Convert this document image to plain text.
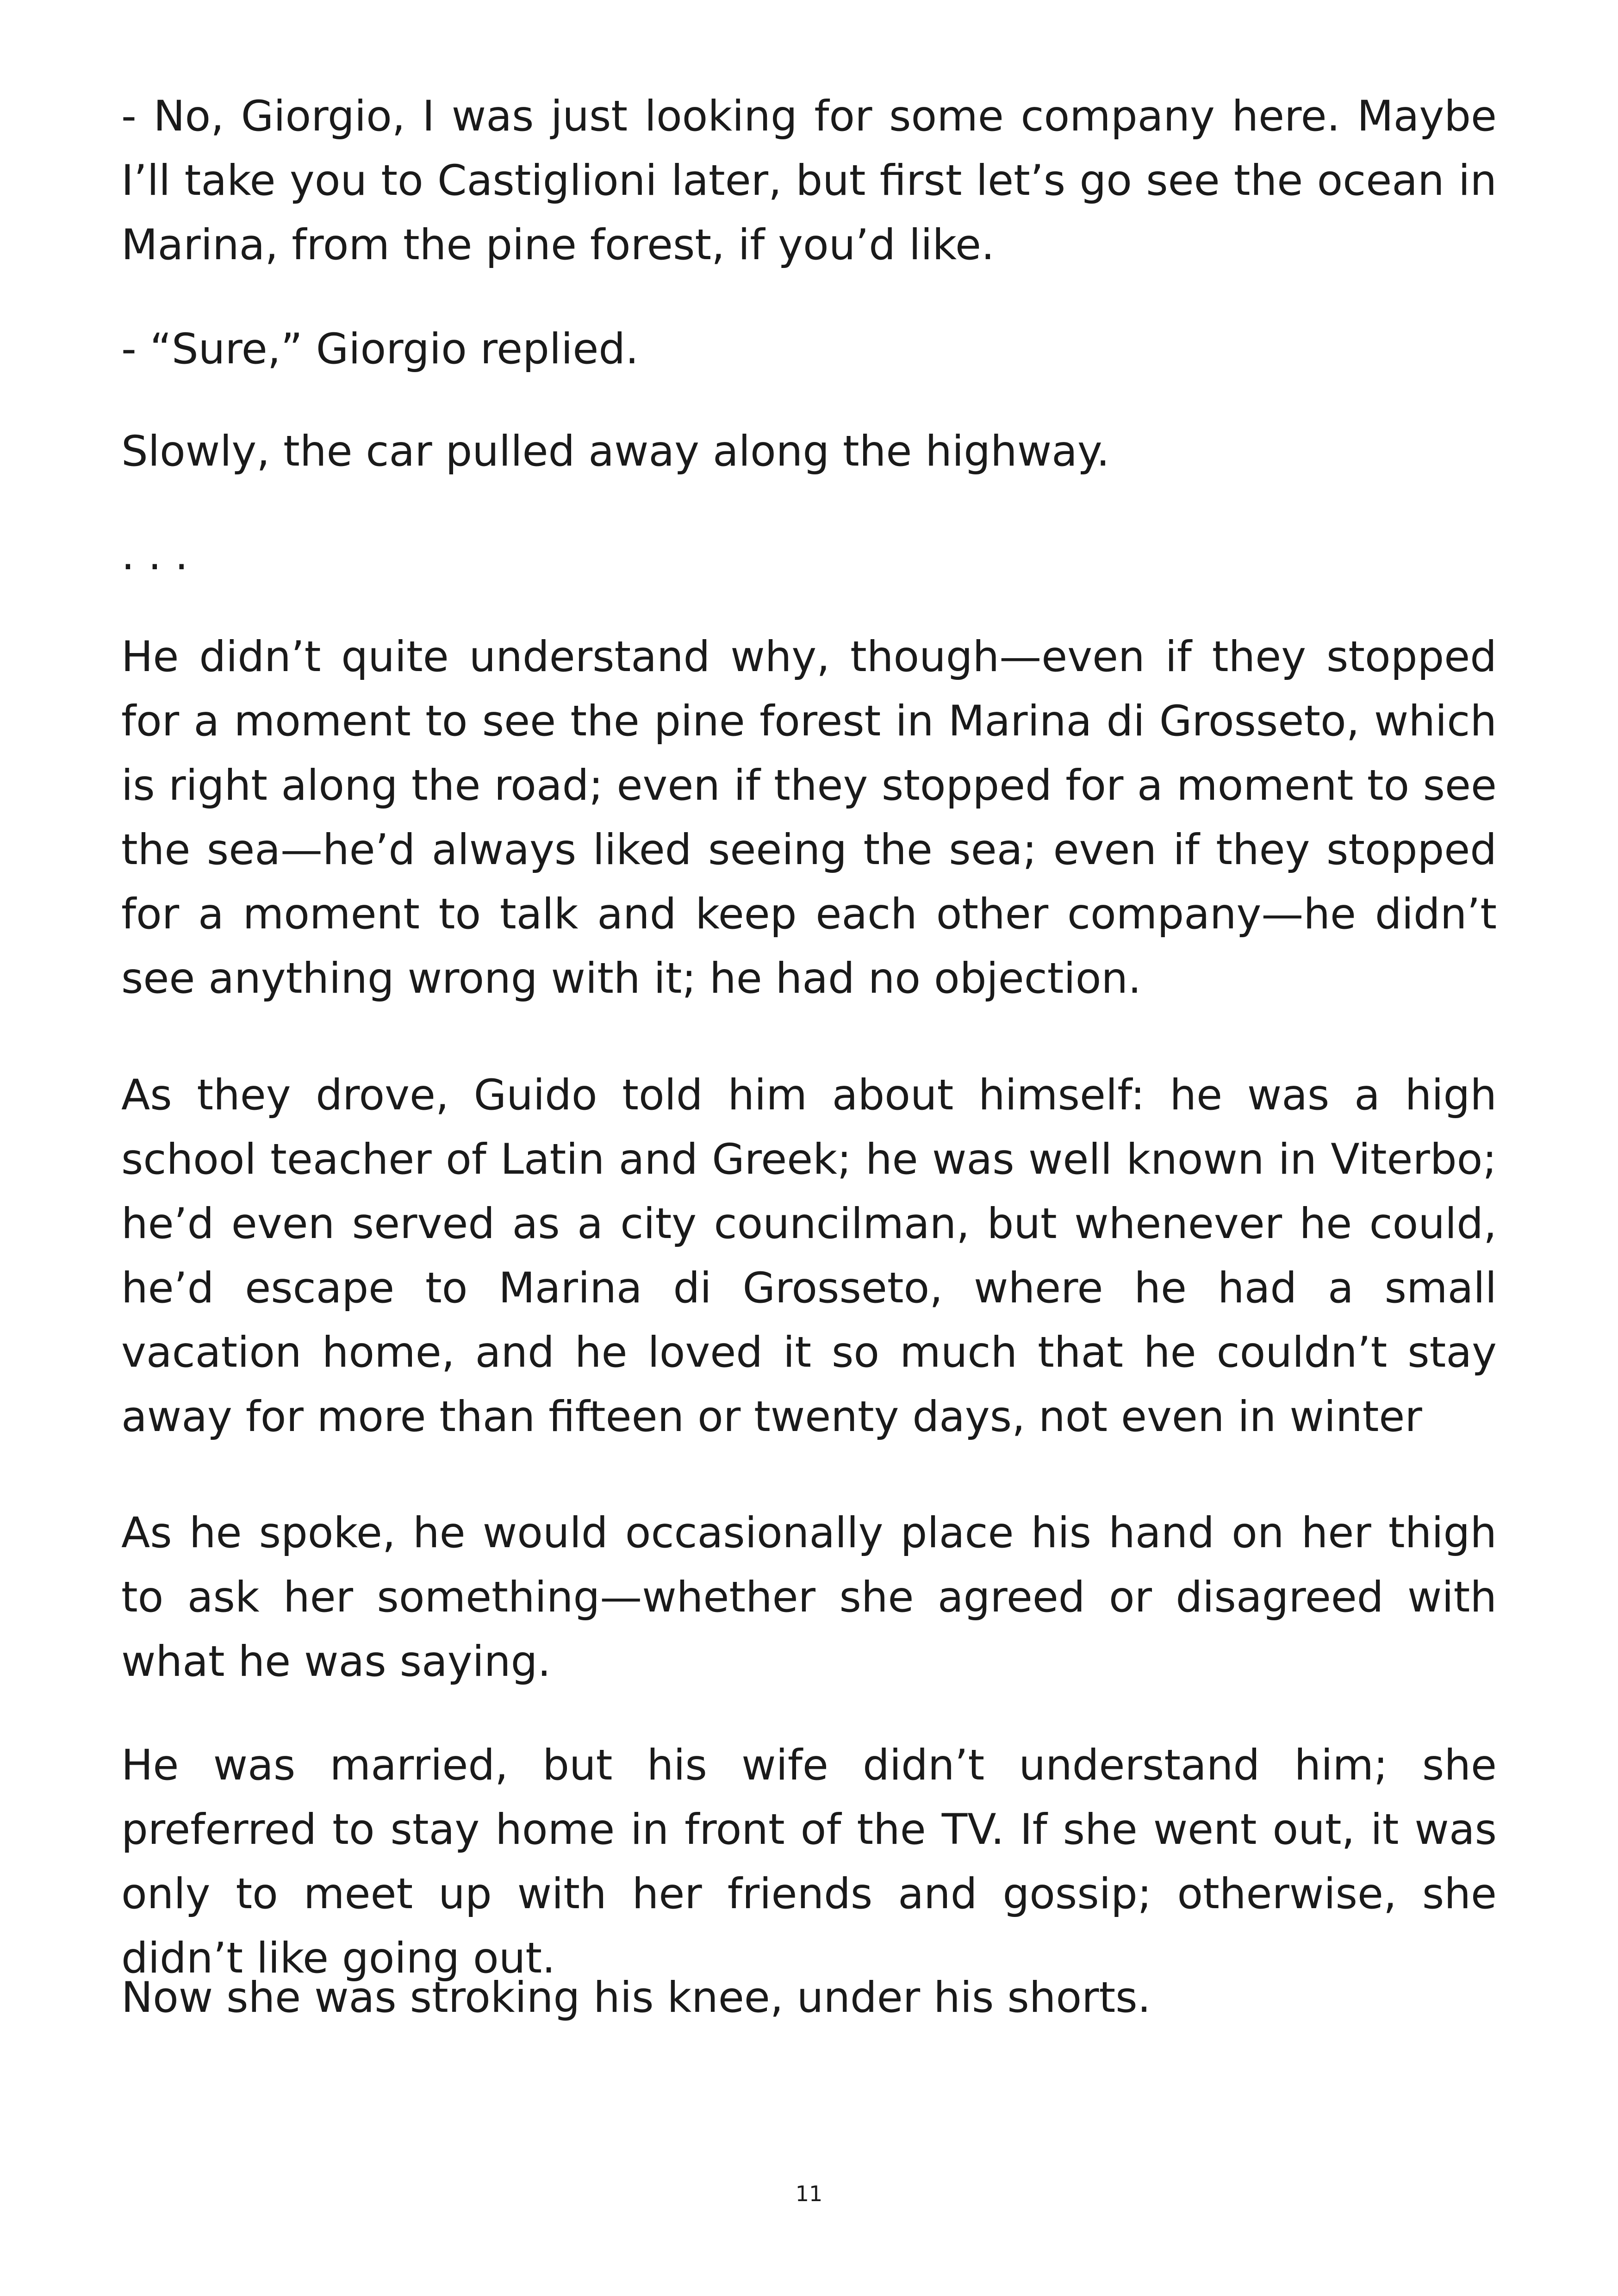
- No, Giorgio, I was just looking for some company here. Maybe I’ll take you to Castiglioni later, but first let’s go see the ocean in Marina, from the pine forest, if you’d like.

- “Sure,” Giorgio replied.

Slowly, the car pulled away along the highway.

. . .

He didn’t quite understand why, though—even if they stopped for a moment to see the pine forest in Marina di Grosseto, which is right along the road; even if they stopped for a moment to see the sea—he’d always liked seeing the sea; even if they stopped for a moment to talk and keep each other company—he didn’t see anything wrong with it; he had no objection.

As they drove, Guido told him about himself: he was a high school teacher of Latin and Greek; he was well known in Viterbo; he’d even served as a city councilman, but whenever he could, he’d escape to Marina di Grosseto, where he had a small vacation home, and he loved it so much that he couldn’t stay away for more than fifteen or twenty days, not even in winter

As he spoke, he would occasionally place his hand on her thigh to ask her something—whether she agreed or disagreed with what he was saying.

He was married, but his wife didn’t understand him; she preferred to stay home in front of the TV. If she went out, it was only to meet up with her friends and gossip; otherwise, she didn’t like going out.

Now she was stroking his knee, under his shorts.

11
